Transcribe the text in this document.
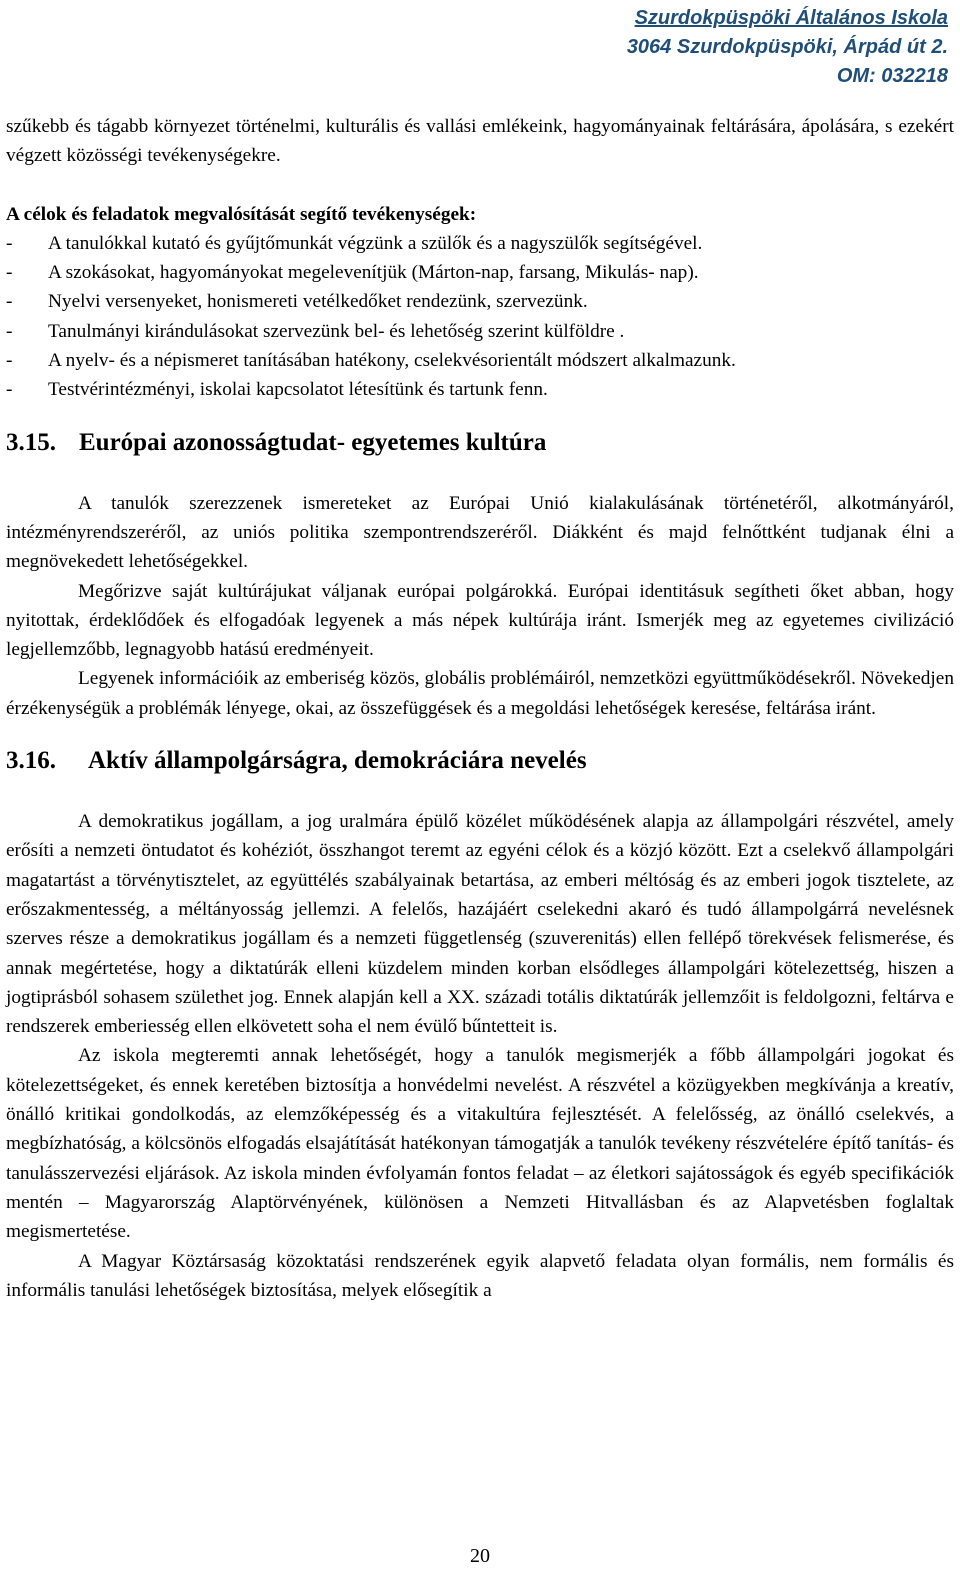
Szurdokpüspöki Általános Iskola
3064 Szurdokpüspöki, Árpád út 2.
OM: 032218

szűkebb és tágabb környezet történelmi, kulturális és vallási emlékeink, hagyományainak feltárására, ápolására, s ezekért végzett közösségi tevékenységekre.

A célok és feladatok megvalósítását segítő tevékenységek:
- A tanulókkal kutató és gyűjtőmunkát végzünk a szülők és a nagyszülők segítségével.
- A szokásokat, hagyományokat megelevenítjük (Márton-nap, farsang, Mikulás- nap).
- Nyelvi versenyeket, honismereti vetélkedőket rendezünk, szervezünk.
- Tanulmányi kirándulásokat szervezünk bel- és lehetőség szerint külföldre .
- A nyelv- és a népismeret tanításában hatékony, cselekvésorientált módszert alkalmazunk.
- Testvérintézményi, iskolai kapcsolatot létesítünk és tartunk fenn.
3.15. Európai azonosságtudat- egyetemes kultúra

A tanulók szerezzenek ismereteket az Európai Unió kialakulásának történetéről, alkotmányáról, intézményrendszeréről, az uniós politika szempontrendszeréről. Diákként és majd felnőttként tudjanak élni a megnövekedett lehetőségekkel.

Megőrizve saját kultúrájukat váljanak európai polgárokká. Európai identitásuk segítheti őket abban, hogy nyitottak, érdeklődőek és elfogadóak legyenek a más népek kultúrája iránt. Ismerjék meg az egyetemes civilizáció legjellemzőbb, legnagyobb hatású eredményeit.

Legyenek információik az emberiség közös, globális problémáiról, nemzetközi együttműködésekről. Növekedjen érzékenységük a problémák lényege, okai, az összefüggések és a megoldási lehetőségek keresése, feltárása iránt.

3.16. Aktív állampolgárságra, demokráciára nevelés

A demokratikus jogállam, a jog uralmára épülő közélet működésének alapja az állampolgári részvétel, amely erősíti a nemzeti öntudatot és kohéziót, összhangot teremt az egyéni célok és a közjó között. Ezt a cselekvő állampolgári magatartást a törvénytisztelet, az együttélés szabályainak betartása, az emberi méltóság és az emberi jogok tisztelete, az erőszakmentesség, a méltányosság jellemzi. A felelős, hazájáért cselekedni akaró és tudó állampolgárrá nevelésnek szerves része a demokratikus jogállam és a nemzeti függetlenség (szuverenitás) ellen fellépő törekvések felismerése, és annak megértetése, hogy a diktatúrák elleni küzdelem minden korban elsődleges állampolgári kötelezettség, hiszen a jogtiprásból sohasem születhet jog. Ennek alapján kell a XX. századi totális diktatúrák jellemzőit is feldolgozni, feltárva e rendszerek emberiesség ellen elkövetett soha el nem évülő bűntetteit is.

Az iskola megteremti annak lehetőségét, hogy a tanulók megismerjék a főbb állampolgári jogokat és kötelezettségeket, és ennek keretében biztosítja a honvédelmi nevelést. A részvétel a közügyekben megkívánja a kreatív, önálló kritikai gondolkodás, az elemzőképesség és a vitakultúra fejlesztését. A felelősség, az önálló cselekvés, a megbízhatóság, a kölcsönös elfogadás elsajátítását hatékonyan támogatják a tanulók tevékeny részvételére építő tanítás- és tanulásszervezési eljárások. Az iskola minden évfolyamán fontos feladat – az életkori sajátosságok és egyéb specifikációk mentén – Magyarország Alaptörvényének, különösen a Nemzeti Hitvallásban és az Alapvetésben foglaltak megismertetése.

A Magyar Köztársaság közoktatási rendszerének egyik alapvető feladata olyan formális, nem formális és informális tanulási lehetőségek biztosítása, melyek elősegítik a

20
